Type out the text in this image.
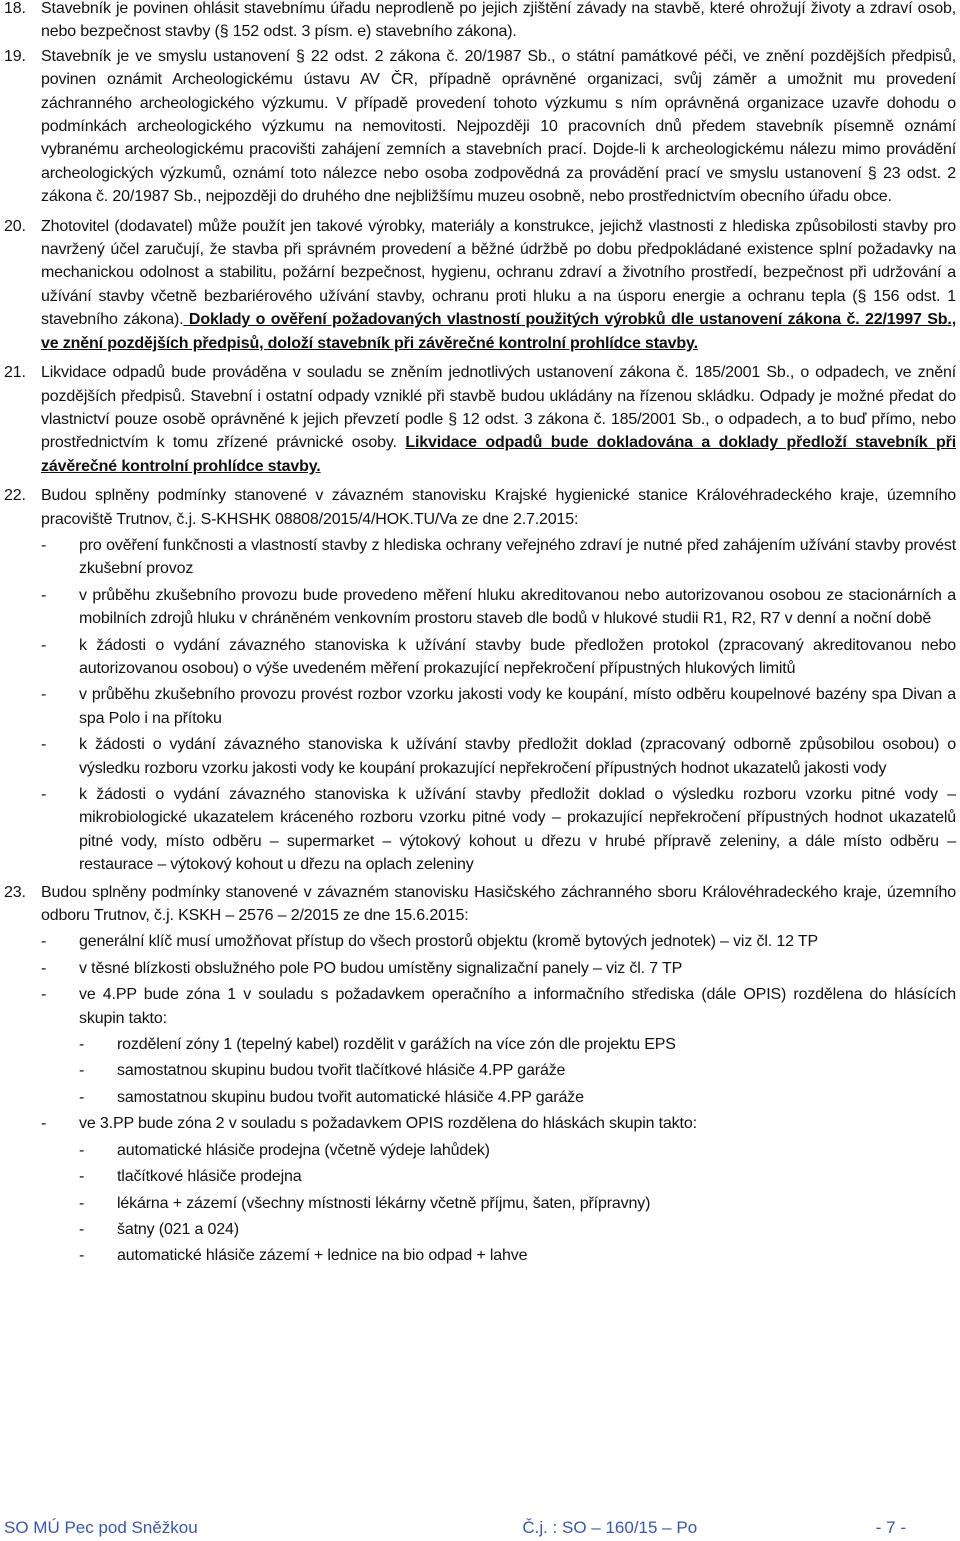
18. Stavebník je povinen ohlásit stavebnímu úřadu neprodleně po jejich zjištění závady na stavbě, které ohrožují životy a zdraví osob, nebo bezpečnost stavby (§ 152 odst. 3 písm. e) stavebního zákona).
19. Stavebník je ve smyslu ustanovení § 22 odst. 2 zákona č. 20/1987 Sb., o státní památkové péči, ve znění pozdějších předpisů, povinen oznámit Archeologickému ústavu AV ČR, případně oprávněné organizaci, svůj záměr a umožnit mu provedení záchranného archeologického výzkumu. V případě provedení tohoto výzkumu s ním oprávněná organizace uzavře dohodu o podmínkách archeologického výzkumu na nemovitosti. Nejpozději 10 pracovních dnů předem stavebník písemně oznámí vybranému archeologickému pracovišti zahájení zemních a stavebních prací. Dojde-li k archeologickému nálezu mimo provádění archeologických výzkumů, oznámí toto nálezce nebo osoba zodpovědná za provádění prací ve smyslu ustanovení § 23 odst. 2 zákona č. 20/1987 Sb., nejpozději do druhého dne nejbližšímu muzeu osobně, nebo prostřednictvím obecního úřadu obce.
20. Zhotovitel (dodavatel) může použít jen takové výrobky, materiály a konstrukce, jejichž vlastnosti z hlediska způsobilosti stavby pro navržený účel zaručují, že stavba při správném provedení a běžné údržbě po dobu předpokládané existence splní požadavky na mechanickou odolnost a stabilitu, požární bezpečnost, hygienu, ochranu zdraví a životního prostředí, bezpečnost při udržování a užívání stavby včetně bezbariérového užívání stavby, ochranu proti hluku a na úsporu energie a ochranu tepla (§ 156 odst. 1 stavebního zákona). Doklady o ověření požadovaných vlastností použitých výrobků dle ustanovení zákona č. 22/1997 Sb., ve znění pozdějších předpisů, doloží stavebník při závěrečné kontrolní prohlídce stavby.
21. Likvidace odpadů bude prováděna v souladu se zněním jednotlivých ustanovení zákona č. 185/2001 Sb., o odpadech, ve znění pozdějších předpisů. Stavební i ostatní odpady vzniklé při stavbě budou ukládány na řízenou skládku. Odpady je možné předat do vlastnictví pouze osobě oprávněné k jejich převzetí podle § 12 odst. 3 zákona č. 185/2001 Sb., o odpadech, a to buď přímo, nebo prostřednictvím k tomu zřízené právnické osoby. Likvidace odpadů bude dokladována a doklady předloží stavebník při závěrečné kontrolní prohlídce stavby.
22. Budou splněny podmínky stanovené v závazném stanovisku Krajské hygienické stanice Královéhradeckého kraje, územního pracoviště Trutnov, č.j. S-KHSHK 08808/2015/4/HOK.TU/Va ze dne 2.7.2015:
- pro ověření funkčnosti a vlastností stavby z hlediska ochrany veřejného zdraví je nutné před zahájením užívání stavby provést zkušební provoz
- v průběhu zkušebního provozu bude provedeno měření hluku akreditovanou nebo autorizovanou osobou ze stacionárních a mobilních zdrojů hluku v chráněném venkovním prostoru staveb dle bodů v hlukové studii R1, R2, R7 v denní a noční době
- k žádosti o vydání závazného stanoviska k užívání stavby bude předložen protokol (zpracovaný akreditovanou nebo autorizovanou osobou) o výše uvedeném měření prokazující nepřekročení přípustných hlukových limitů
- v průběhu zkušebního provozu provést rozbor vzorku jakosti vody ke koupání, místo odběru koupelnové bazény spa Divan a spa Polo i na přítoku
- k žádosti o vydání závazného stanoviska k užívání stavby předložit doklad (zpracovaný odborně způsobilou osobou) o výsledku rozboru vzorku jakosti vody ke koupání prokazující nepřekročení přípustných hodnot ukazatelů jakosti vody
- k žádosti o vydání závazného stanoviska k užívání stavby předložit doklad o výsledku rozboru vzorku pitné vody – mikrobiologické ukazatelem kráceného rozboru vzorku pitné vody – prokazující nepřekročení přípustných hodnot ukazatelů pitné vody, místo odběru – supermarket – výtokový kohout u dřezu v hrubé přípravě zeleniny, a dále místo odběru – restaurace – výtokový kohout u dřezu na oplach zeleniny
23. Budou splněny podmínky stanovené v závazném stanovisku Hasičského záchranného sboru Královéhradeckého kraje, územního odboru Trutnov, č.j. KSKH – 2576 – 2/2015 ze dne 15.6.2015:
- generální klíč musí umožňovat přístup do všech prostorů objektu (kromě bytových jednotek) – viz čl. 12 TP
- v těsné blízkosti obslužného pole PO budou umístěny signalizační panely – viz čl. 7 TP
- ve 4.PP bude zóna 1 v souladu s požadavkem operačního a informačního střediska (dále OPIS) rozdělena do hlásících skupin takto:
- rozdělení zóny 1 (tepelný kabel) rozdělit v garážích na více zón dle projektu EPS
- samostatnou skupinu budou tvořit tlačítkové hlásiče 4.PP garáže
- samostatnou skupinu budou tvořit automatické hlásiče 4.PP garáže
- ve 3.PP bude zóna 2 v souladu s požadavkem OPIS rozdělena do hláskách skupin takto:
- automatické hlásiče prodejna (včetně výdeje lahůdek)
- tlačítkové hlásiče prodejna
- lékárna + zázemí (všechny místnosti lékárny včetně příjmu, šaten, přípravny)
- šatny (021 a 024)
- automatické hlásiče zázemí + lednice na bio odpad + lahve
SO MÚ Pec pod Sněžkou	Č.j. : SO – 160/15 – Po	- 7 -
